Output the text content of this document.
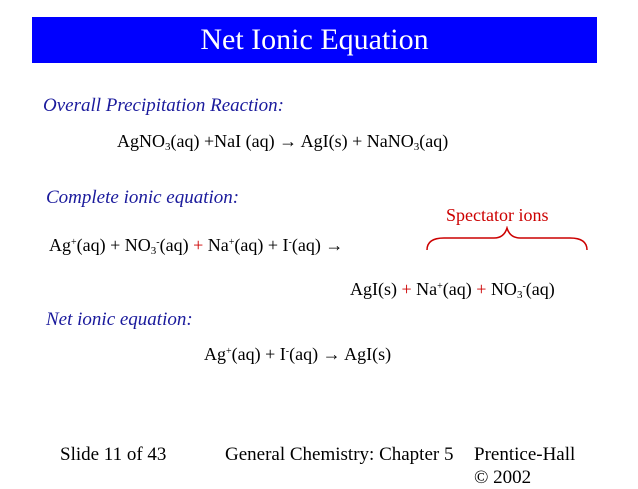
Net Ionic Equation
Overall Precipitation Reaction:
AgNO$_3$(aq) +NaI (aq) → AgI(s) + NaNO$_3$(aq)
Complete ionic equation:
Spectator ions
$Ag^+(aq) + NO_3^-(aq) + Na^+(aq) + I^-(aq)$ →
$AgI(s) + Na^+(aq) + NO_3^-(aq)$
Net ionic equation:
Ag+(aq) + I-(aq) → AgI(s)
Slide 11 of 43	General Chemistry: Chapter 5 Prentice-Hall
© 2002
